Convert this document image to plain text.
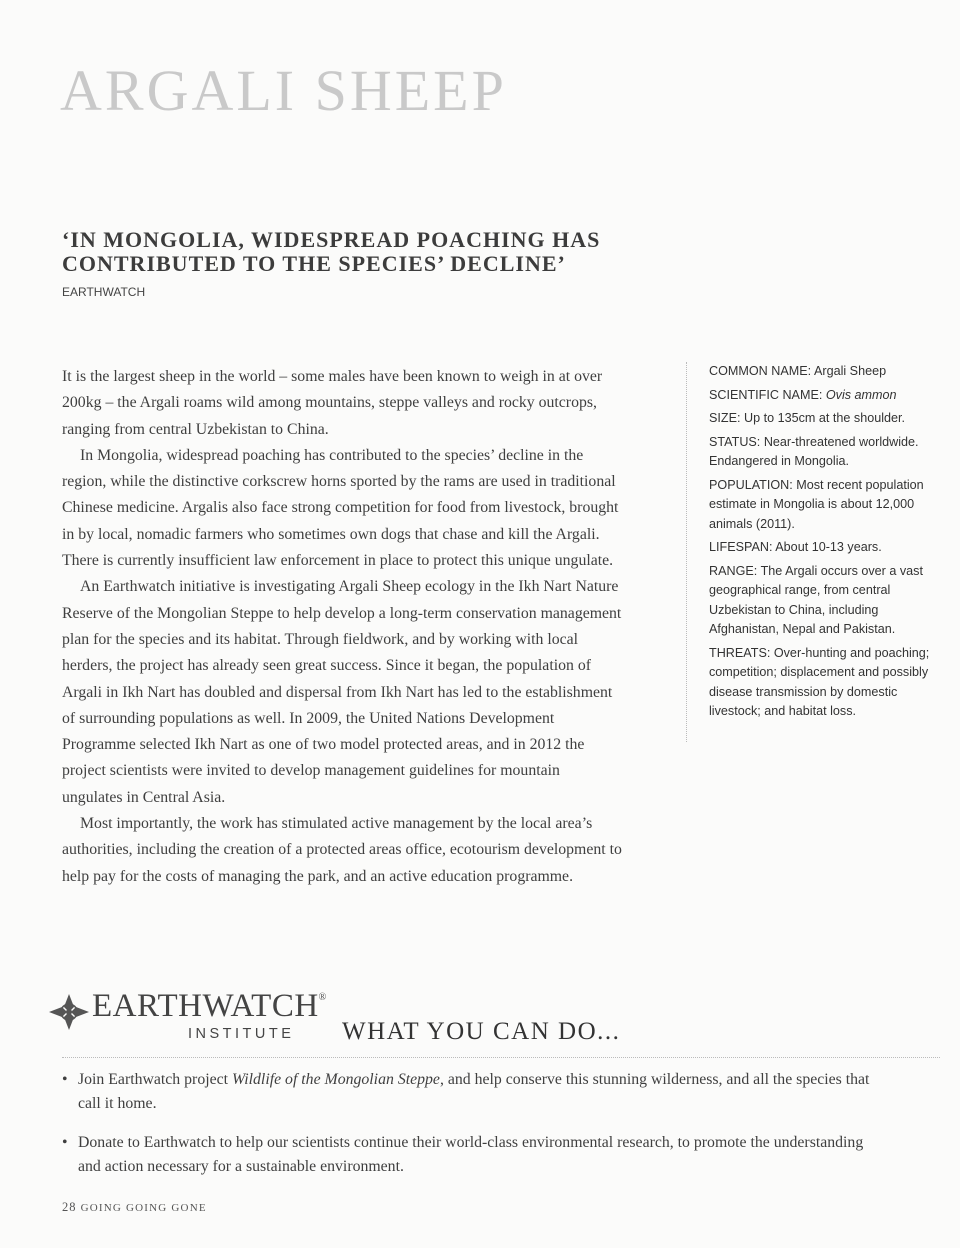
ARGALI SHEEP
‘IN MONGOLIA, WIDESPREAD POACHING HAS CONTRIBUTED TO THE SPECIES’ DECLINE’
EARTHWATCH

It is the largest sheep in the world – some males have been known to weigh in at over 200kg – the Argali roams wild among mountains, steppe valleys and rocky outcrops, ranging from central Uzbekistan to China.

In Mongolia, widespread poaching has contributed to the species’ decline in the region, while the distinctive corkscrew horns sported by the rams are used in traditional Chinese medicine. Argalis also face strong competition for food from livestock, brought in by local, nomadic farmers who sometimes own dogs that chase and kill the Argali. There is currently insufficient law enforcement in place to protect this unique ungulate.

An Earthwatch initiative is investigating Argali Sheep ecology in the Ikh Nart Nature Reserve of the Mongolian Steppe to help develop a long-term conservation management plan for the species and its habitat. Through fieldwork, and by working with local herders, the project has already seen great success. Since it began, the population of Argali in Ikh Nart has doubled and dispersal from Ikh Nart has led to the establishment of surrounding populations as well. In 2009, the United Nations Development Programme selected Ikh Nart as one of two model protected areas, and in 2012 the project scientists were invited to develop management guidelines for mountain ungulates in Central Asia.

Most importantly, the work has stimulated active management by the local area’s authorities, including the creation of a protected areas office, ecotourism development to help pay for the costs of managing the park, and an active education programme.

COMMON NAME: Argali Sheep

SCIENTIFIC NAME: Ovis ammon

SIZE: Up to 135cm at the shoulder.

STATUS: Near-threatened worldwide. Endangered in Mongolia.

POPULATION: Most recent population estimate in Mongolia is about 12,000 animals (2011).

LIFESPAN: About 10-13 years.

RANGE: The Argali occurs over a vast geographical range, from central Uzbekistan to China, including Afghanistan, Nepal and Pakistan.

THREATS: Over-hunting and poaching; competition; displacement and possibly disease transmission by domestic livestock; and habitat loss.

EARTHWATCH®
INSTITUTE WHAT YOU CAN DO...
• Join Earthwatch project Wildlife of the Mongolian Steppe, and help conserve this stunning wilderness, and all the species that call it home.
• Donate to Earthwatch to help our scientists continue their world-class environmental research, to promote the understanding and action necessary for a sustainable environment.
28 GOING GOING GONE
